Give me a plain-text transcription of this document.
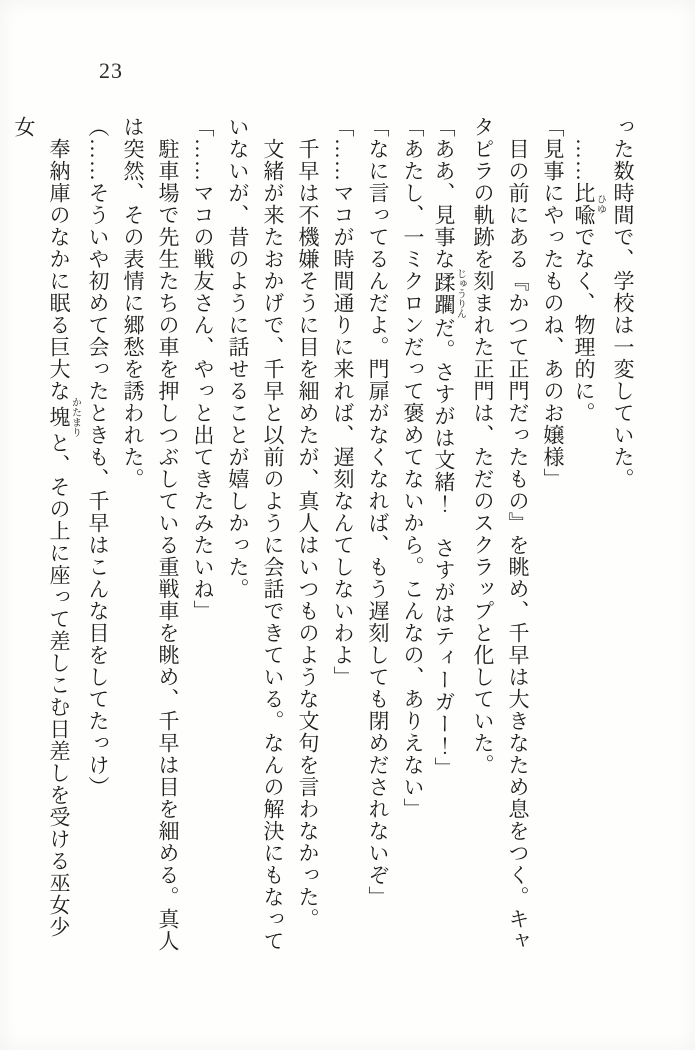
23
った数時間で、学校は一変していた。
……比喩ひゆでなく、物理的に。
「見事にやったものね、あのお嬢様」
目の前にある『かつて正門だったもの』を眺め、千早は大きなため息をつく。キャ
タピラの軌跡を刻まれた正門は、ただのスクラップと化していた。
「ああ、見事な蹂躙じゅうりんだ。さすがは文緒！　さすがはティーガー！」
「あたし、一ミクロンだって褒めてないから。こんなの、ありえない」
「なに言ってるんだよ。門扉がなくなれば、もう遅刻しても閉めだされないぞ」
「……マコが時間通りに来れば、遅刻なんてしないわよ」
千早は不機嫌そうに目を細めたが、真人はいつものような文句を言わなかった。
文緒が来たおかげで、千早と以前のように会話できている。なんの解決にもなって
いないが、昔のように話せることが嬉しかった。
「……マコの戦友さん、やっと出てきたみたいね」
駐車場で先生たちの車を押しつぶしている重戦車を眺め、千早は目を細める。真人
は突然、その表情に郷愁を誘われた。
（……そういや初めて会ったときも、千早はこんな目をしてたっけ）
奉納庫のなかに眠る巨大な塊かたまりと、その上に座って差しこむ日差しを受ける巫女少女
